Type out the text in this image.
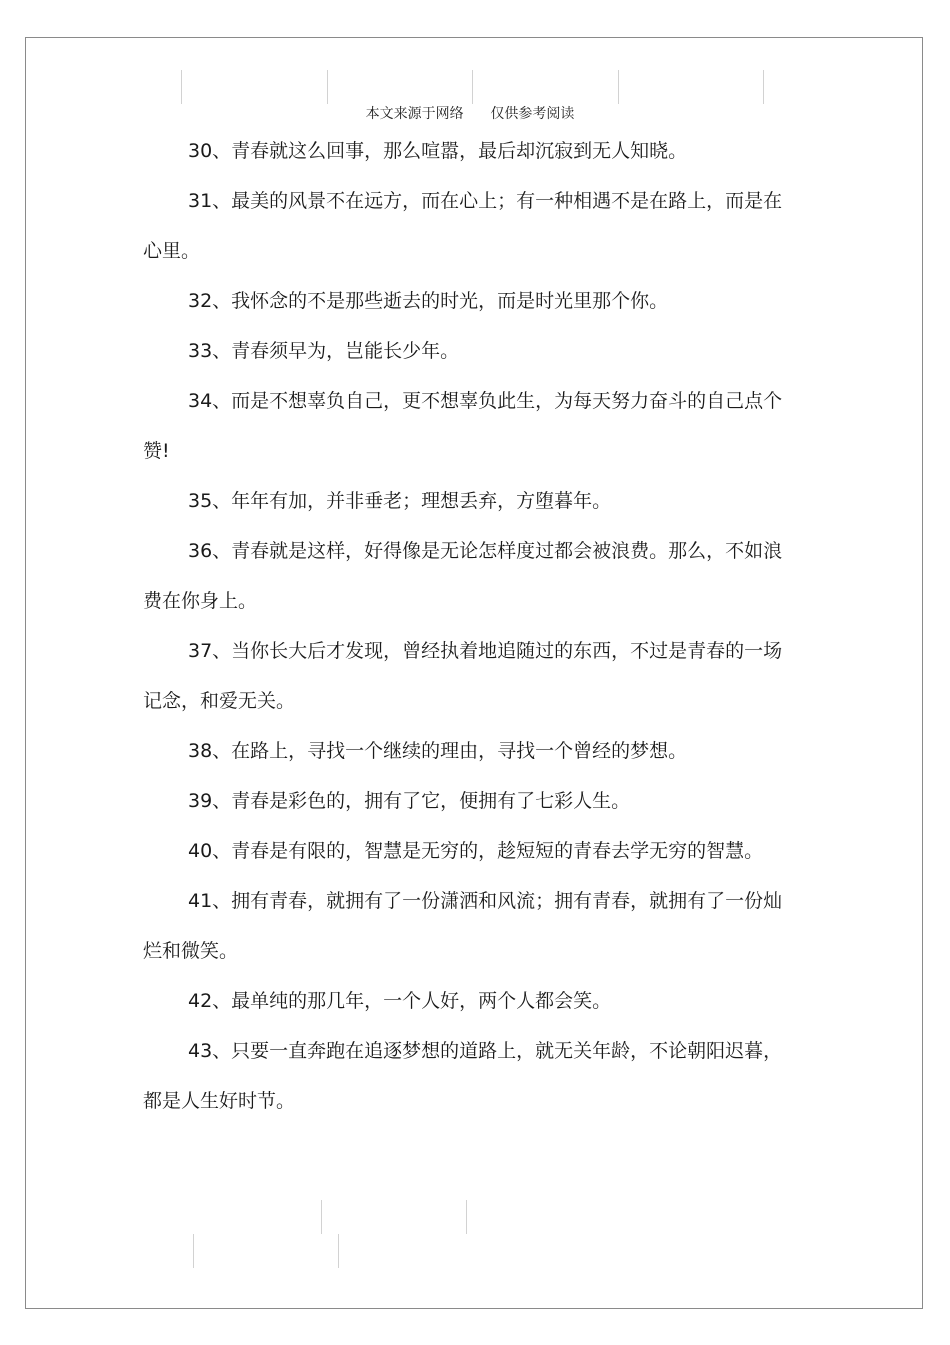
本文来源于网络      仅供参考阅读

30、青春就这么回事，那么喧嚣，最后却沉寂到无人知晓。

31、最美的风景不在远方，而在心上；有一种相遇不是在路上，而是在心里。

32、我怀念的不是那些逝去的时光，而是时光里那个你。

33、青春须早为，岂能长少年。

34、而是不想辜负自己，更不想辜负此生，为每天努力奋斗的自己点个赞!

35、年年有加，并非垂老；理想丢弃，方堕暮年。

36、青春就是这样，好得像是无论怎样度过都会被浪费。那么，不如浪费在你身上。

37、当你长大后才发现，曾经执着地追随过的东西，不过是青春的一场记念，和爱无关。

38、在路上，寻找一个继续的理由，寻找一个曾经的梦想。

39、青春是彩色的，拥有了它，便拥有了七彩人生。

40、青春是有限的，智慧是无穷的，趁短短的青春去学无穷的智慧。

41、拥有青春，就拥有了一份潇洒和风流；拥有青春，就拥有了一份灿烂和微笑。

42、最单纯的那几年，一个人好，两个人都会笑。

43、只要一直奔跑在追逐梦想的道路上，就无关年龄，不论朝阳迟暮，都是人生好时节。
